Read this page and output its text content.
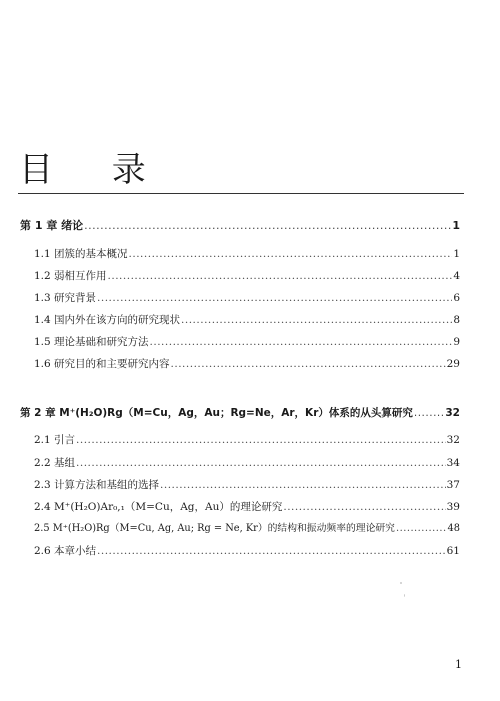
目 录
第 1 章 绪论 .....	1
1.1 团簇的基本概况 .....	1
1.2 弱相互作用 .....	4
1.3 研究背景 .....	6
1.4 国内外在该方向的研究现状 .....	8
1.5 理论基础和研究方法 .....	9
1.6 研究目的和主要研究内容 .....	29
第 2 章 M⁺(H₂O)Rg（M=Cu，Ag，Au；Rg=Ne，Ar，Kr）体系的从头算研究 .....	32
2.1 引言 .....	32
2.2 基组 .....	34
2.3 计算方法和基组的选择 .....	37
2.4 M⁺(H₂O)Ar₀,₁（M=Cu，Ag，Au）的理论研究 .....	39
2.5 M⁺(H₂O)Rg（M=Cu, Ag, Au; Rg = Ne, Kr）的结构和振动频率的理论研究 .....	48
2.6 本章小结 .....	61
1
